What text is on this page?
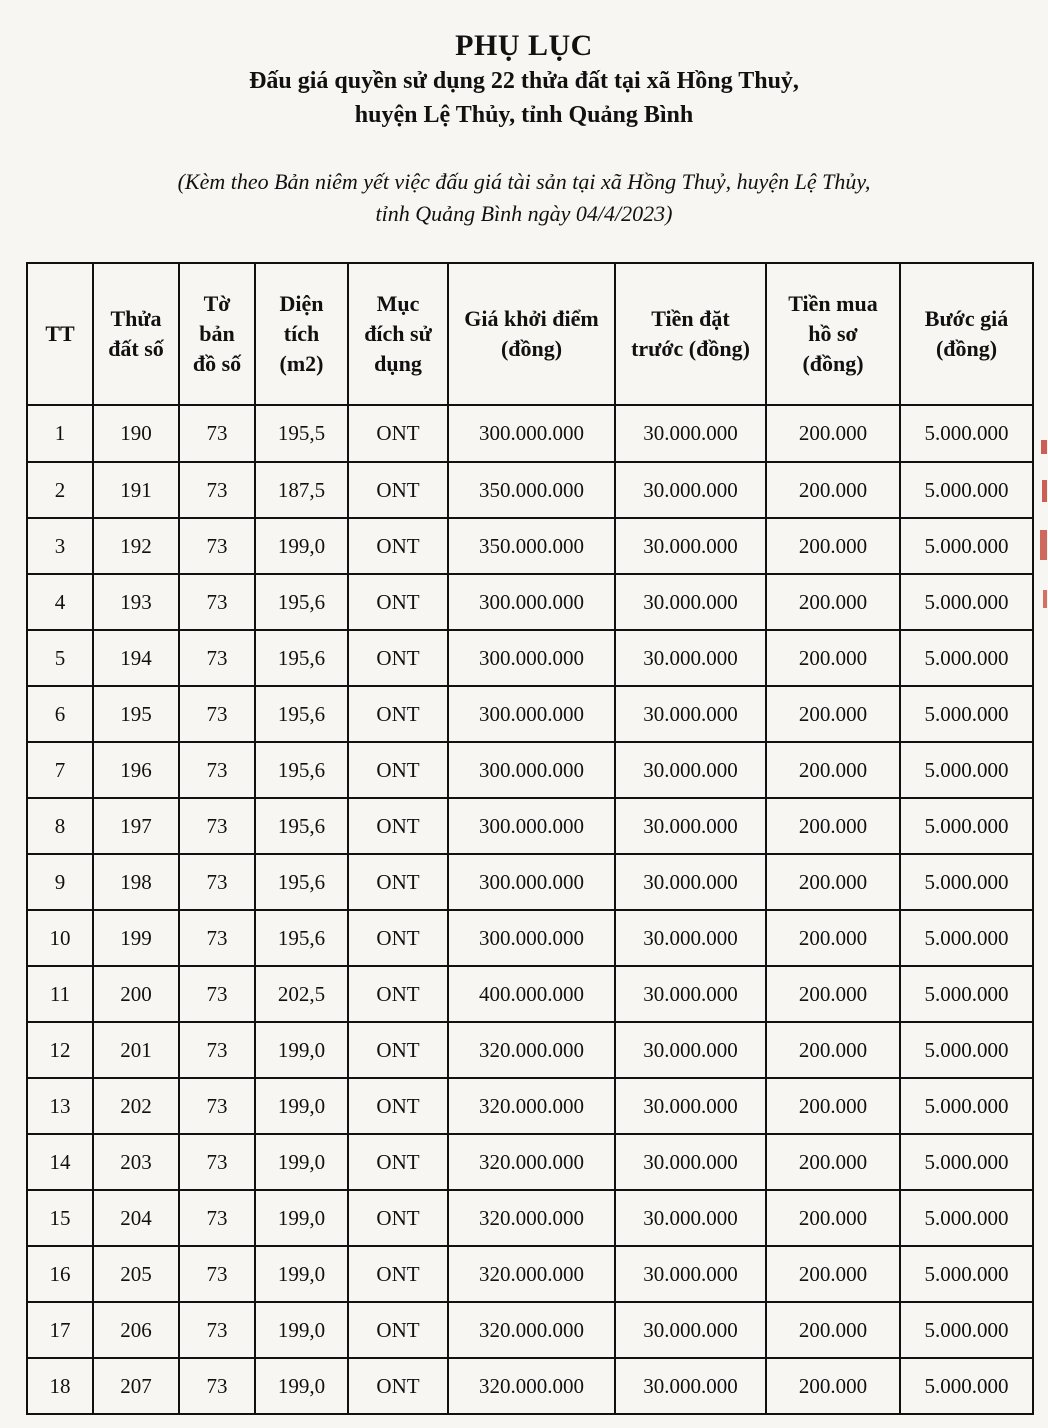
PHỤ LỤC
Đấu giá quyền sử dụng 22 thửa đất tại xã Hồng Thuỷ,
huyện Lệ Thủy, tỉnh Quảng Bình
(Kèm theo Bản niêm yết việc đấu giá tài sản tại xã Hồng Thuỷ, huyện Lệ Thủy,
tỉnh Quảng Bình ngày 04/4/2023)
TT	Thửa
đất số	Tờ
bản
đồ số	Diện
tích
(m2)	Mục
đích sử
dụng	Giá khởi điểm
(đồng)	Tiền đặt
trước (đồng)	Tiền mua
hồ sơ
(đồng)	Bước giá
(đồng)
1	190	73	195,5	ONT	300.000.000	30.000.000	200.000	5.000.000
2	191	73	187,5	ONT	350.000.000	30.000.000	200.000	5.000.000
3	192	73	199,0	ONT	350.000.000	30.000.000	200.000	5.000.000
4	193	73	195,6	ONT	300.000.000	30.000.000	200.000	5.000.000
5	194	73	195,6	ONT	300.000.000	30.000.000	200.000	5.000.000
6	195	73	195,6	ONT	300.000.000	30.000.000	200.000	5.000.000
7	196	73	195,6	ONT	300.000.000	30.000.000	200.000	5.000.000
8	197	73	195,6	ONT	300.000.000	30.000.000	200.000	5.000.000
9	198	73	195,6	ONT	300.000.000	30.000.000	200.000	5.000.000
10	199	73	195,6	ONT	300.000.000	30.000.000	200.000	5.000.000
11	200	73	202,5	ONT	400.000.000	30.000.000	200.000	5.000.000
12	201	73	199,0	ONT	320.000.000	30.000.000	200.000	5.000.000
13	202	73	199,0	ONT	320.000.000	30.000.000	200.000	5.000.000
14	203	73	199,0	ONT	320.000.000	30.000.000	200.000	5.000.000
15	204	73	199,0	ONT	320.000.000	30.000.000	200.000	5.000.000
16	205	73	199,0	ONT	320.000.000	30.000.000	200.000	5.000.000
17	206	73	199,0	ONT	320.000.000	30.000.000	200.000	5.000.000
18	207	73	199,0	ONT	320.000.000	30.000.000	200.000	5.000.000
